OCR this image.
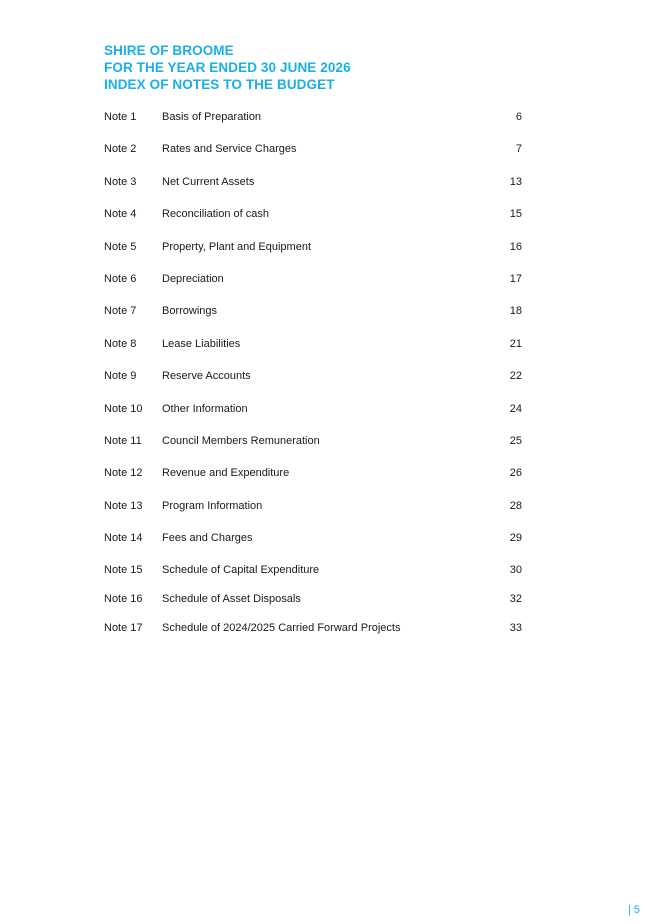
SHIRE OF BROOME
FOR THE YEAR ENDED 30 JUNE 2026
INDEX OF NOTES TO THE BUDGET
Note 1 Basis of Preparation	6
Note 2 Rates and Service Charges	7
Note 3 Net Current Assets	13
Note 4 Reconciliation of cash	15
Note 5 Property, Plant and Equipment	16
Note 6 Depreciation	17
Note 7 Borrowings	18
Note 8 Lease Liabilities	21
Note 9 Reserve Accounts	22
Note 10 Other Information	24
Note 11 Council Members Remuneration	25
Note 12 Revenue and Expenditure	26
Note 13 Program Information	28
Note 14 Fees and Charges	29
Note 15 Schedule of Capital Expenditure	30
Note 16 Schedule of Asset Disposals	32
Note 17 Schedule of 2024/2025 Carried Forward Projects	33
| 5
